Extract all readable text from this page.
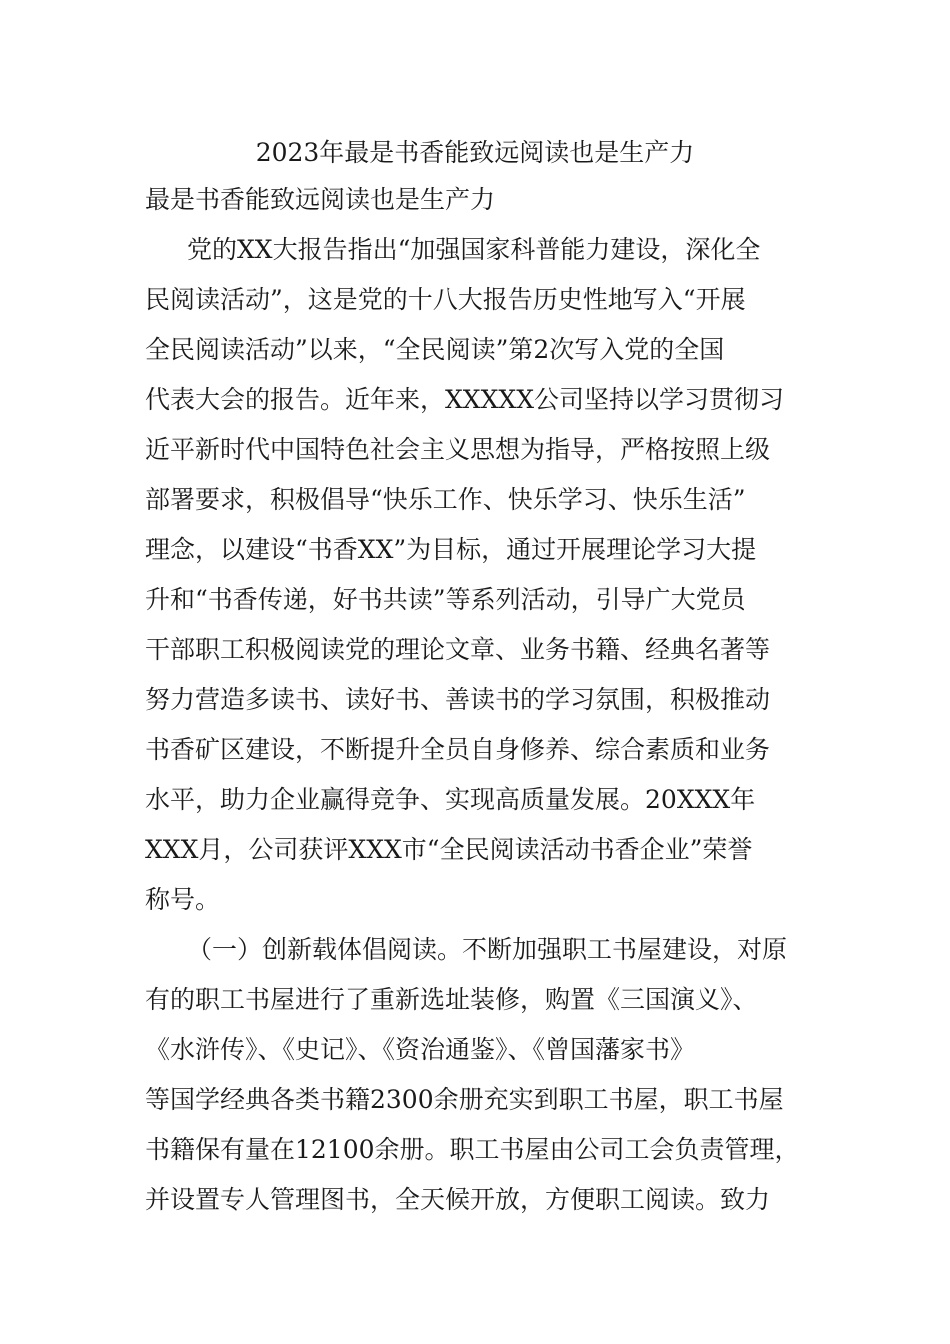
2023年最是书香能致远阅读也是生产力
最是书香能致远阅读也是生产力
党的XX大报告指出“加强国家科普能力建设，深化全
民阅读活动”，这是党的十八大报告历史性地写入“开展
全民阅读活动”以来，“全民阅读”第2次写入党的全国
代表大会的报告。近年来，XXXXX公司坚持以学习贯彻习
近平新时代中国特色社会主义思想为指导，严格按照上级
部署要求，积极倡导“快乐工作、快乐学习、快乐生活”
理念，以建设“书香XX”为目标，通过开展理论学习大提
升和“书香传递，好书共读”等系列活动，引导广大党员
干部职工积极阅读党的理论文章、业务书籍、经典名著等
努力营造多读书、读好书、善读书的学习氛围，积极推动
书香矿区建设，不断提升全员自身修养、综合素质和业务
水平，助力企业赢得竞争、实现高质量发展。20XXX年
XXX月，公司获评XXX市“全民阅读活动书香企业”荣誉
称号。
（一）创新载体倡阅读。不断加强职工书屋建设，对原
有的职工书屋进行了重新选址装修，购置《三国演义》、
《水浒传》、《史记》、《资治通鉴》、《曾国藩家书》
等国学经典各类书籍2300余册充实到职工书屋，职工书屋
书籍保有量在12100余册。职工书屋由公司工会负责管理，
并设置专人管理图书，全天候开放，方便职工阅读。致力
